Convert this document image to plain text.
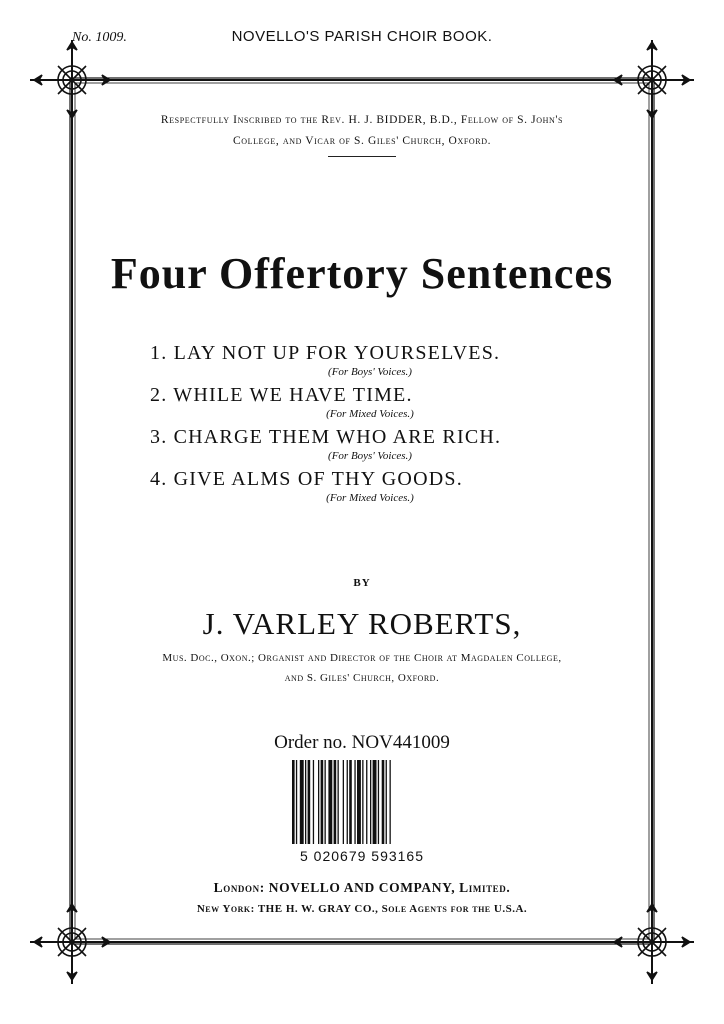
No. 1009.	NOVELLO'S PARISH CHOIR BOOK.
Respectfully Inscribed to the Rev. H. J. BIDDER, B.D., Fellow of S. John's
College, and Vicar of S. Giles' Church, Oxford.
Four Offertory Sentences
1. LAY NOT UP FOR YOURSELVES.
(For Boys' Voices.)
2. WHILE WE HAVE TIME.
(For Mixed Voices.)
3. CHARGE THEM WHO ARE RICH.
(For Boys' Voices.)
4. GIVE ALMS OF THY GOODS.
(For Mixed Voices.)
BY
J. VARLEY ROBERTS,
Mus. Doc., Oxon.; Organist and Director of the Choir at Magdalen College,
and S. Giles' Church, Oxford.
Order no. NOV441009
5 020679 593165
London: NOVELLO AND COMPANY, Limited.
New York: THE H. W. GRAY CO., Sole Agents for the U.S.A.
